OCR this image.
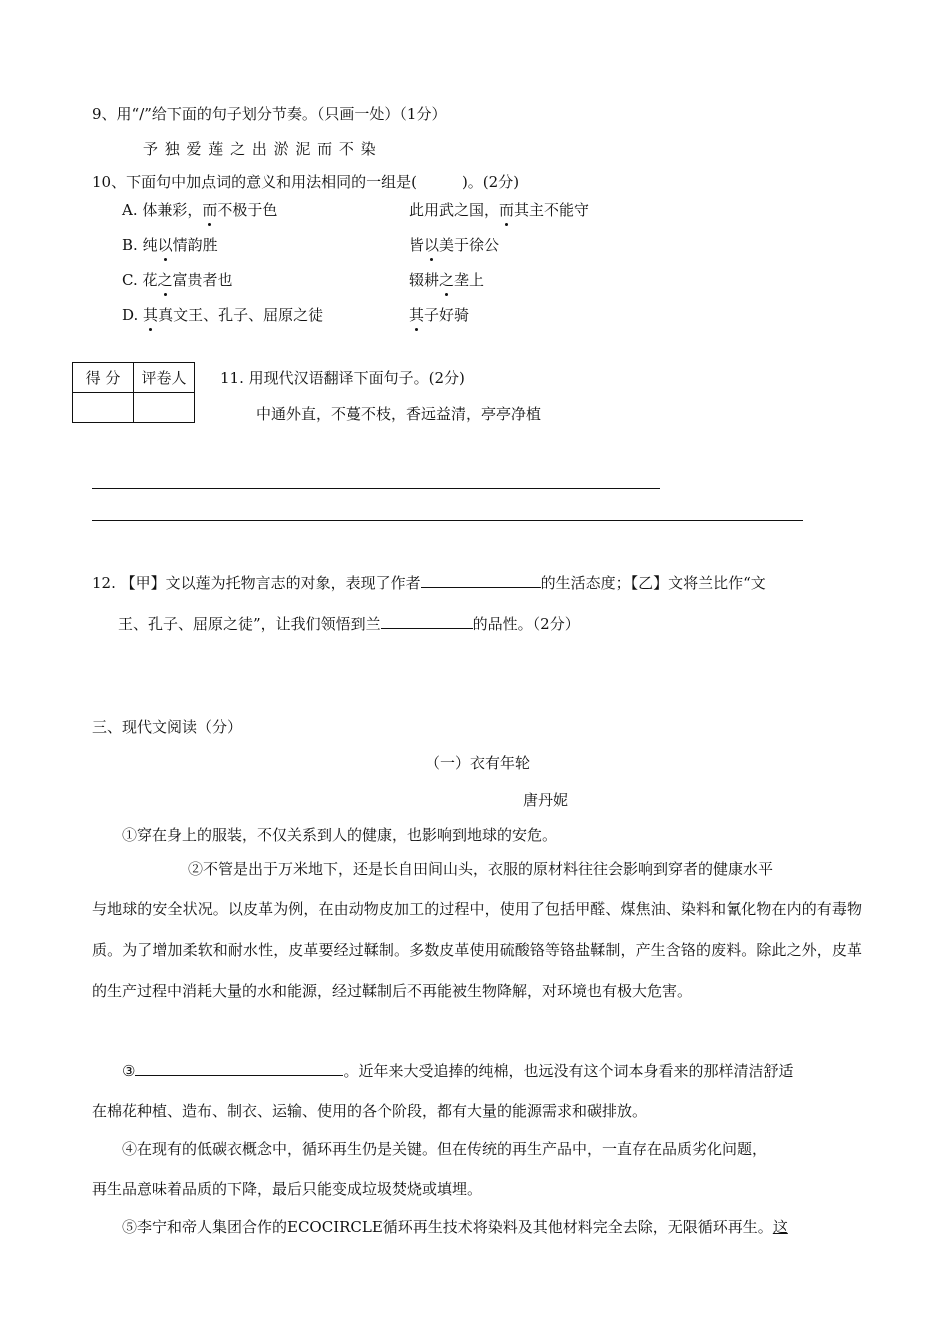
9、用“/”给下面的句子划分节奏。（只画一处）（1分）
予 独 爱 莲 之 出 淤 泥 而 不 染
10、下面句中加点词的意义和用法相同的一组是(　　　)。(2分)
A. 体兼彩，而不极于色	此用武之国，而其主不能守
B. 纯以情韵胜	皆以美于徐公
C. 花之富贵者也	辍耕之垄上
D. 其真文王、孔子、屈原之徒	其子好骑
得 分	评卷人
	11. 用现代汉语翻译下面句子。(2分)
中通外直，不蔓不枝，香远益清，亭亭净植
12. 【甲】文以莲为托物言志的对象，表现了作者	的生活态度；【乙】文将兰比作“文
王、孔子、屈原之徒”，让我们领悟到兰	的品性。（2分）
三、现代文阅读（分）
（一）衣有年轮
唐丹妮
①穿在身上的服装，不仅关系到人的健康，也影响到地球的安危。
②不管是出于万米地下，还是长自田间山头，衣服的原材料往往会影响到穿者的健康水平
与地球的安全状况。以皮革为例，在由动物皮加工的过程中，使用了包括甲醛、煤焦油、染料和氰化物在内的有毒物质。为了增加柔软和耐水性，皮革要经过鞣制。多数皮革使用硫酸铬等铬盐鞣制，产生含铬的废料。除此之外，皮革的生产过程中消耗大量的水和能源，经过鞣制后不再能被生物降解，对环境也有极大危害。
③	。近年来大受追捧的纯棉，也远没有这个词本身看来的那样清洁舒适
在棉花种植、造布、制衣、运输、使用的各个阶段，都有大量的能源需求和碳排放。
④在现有的低碳衣概念中，循环再生仍是关键。但在传统的再生产品中，一直存在品质劣化问题，
再生品意味着品质的下降，最后只能变成垃圾焚烧或填埋。
⑤李宁和帝人集团合作的ECOCIRCLE循环再生技术将染料及其他材料完全去除，无限循环再生。这
